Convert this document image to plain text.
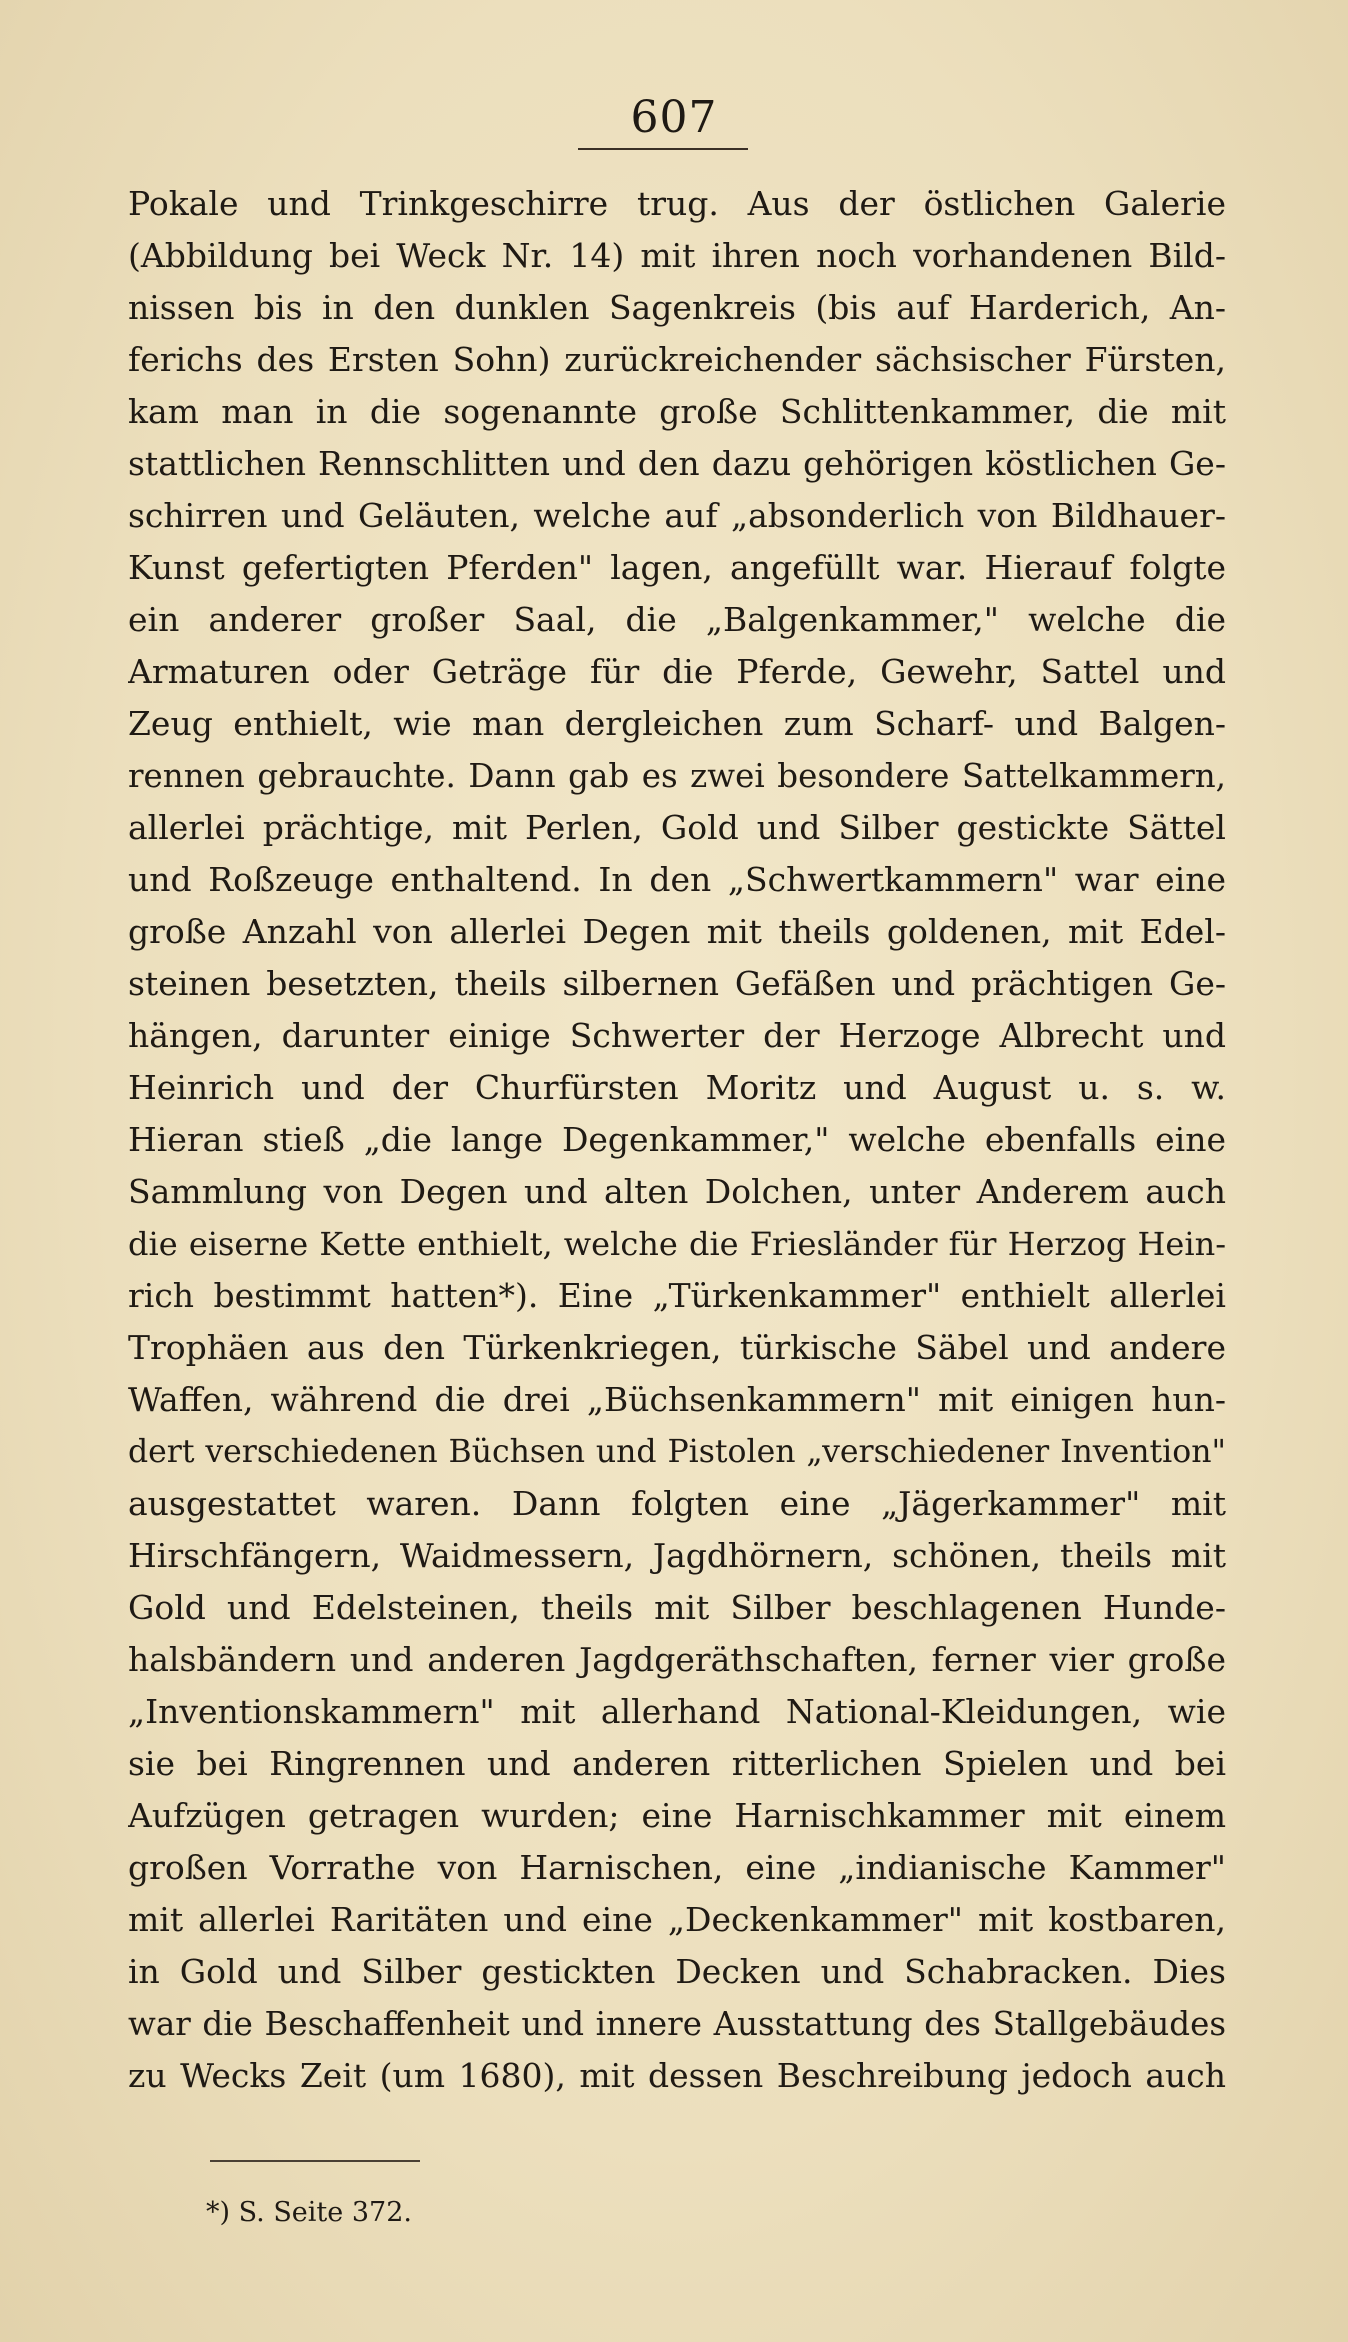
607
Pokale und Trinkgeschirre trug. Aus der östlichen Galerie
(Abbildung bei Weck Nr. 14) mit ihren noch vorhandenen Bild-
nissen bis in den dunklen Sagenkreis (bis auf Harderich, An-
ferichs des Ersten Sohn) zurückreichender sächsischer Fürsten,
kam man in die sogenannte große Schlittenkammer, die mit
stattlichen Rennschlitten und den dazu gehörigen köstlichen Ge-
schirren und Geläuten, welche auf „absonderlich von Bildhauer-
Kunst gefertigten Pferden" lagen, angefüllt war. Hierauf folgte
ein anderer großer Saal, die „Balgenkammer," welche die
Armaturen oder Geträge für die Pferde, Gewehr, Sattel und
Zeug enthielt, wie man dergleichen zum Scharf- und Balgen-
rennen gebrauchte. Dann gab es zwei besondere Sattelkammern,
allerlei prächtige, mit Perlen, Gold und Silber gestickte Sättel
und Roßzeuge enthaltend. In den „Schwertkammern" war eine
große Anzahl von allerlei Degen mit theils goldenen, mit Edel-
steinen besetzten, theils silbernen Gefäßen und prächtigen Ge-
hängen, darunter einige Schwerter der Herzoge Albrecht und
Heinrich und der Churfürsten Moritz und August u. s. w.
Hieran stieß „die lange Degenkammer," welche ebenfalls eine
Sammlung von Degen und alten Dolchen, unter Anderem auch
die eiserne Kette enthielt, welche die Friesländer für Herzog Hein-
rich bestimmt hatten*). Eine „Türkenkammer" enthielt allerlei
Trophäen aus den Türkenkriegen, türkische Säbel und andere
Waffen, während die drei „Büchsenkammern" mit einigen hun-
dert verschiedenen Büchsen und Pistolen „verschiedener Invention"
ausgestattet waren. Dann folgten eine „Jägerkammer" mit
Hirschfängern, Waidmessern, Jagdhörnern, schönen, theils mit
Gold und Edelsteinen, theils mit Silber beschlagenen Hunde-
halsbändern und anderen Jagdgeräthschaften, ferner vier große
„Inventionskammern" mit allerhand National-Kleidungen, wie
sie bei Ringrennen und anderen ritterlichen Spielen und bei
Aufzügen getragen wurden; eine Harnischkammer mit einem
großen Vorrathe von Harnischen, eine „indianische Kammer"
mit allerlei Raritäten und eine „Deckenkammer" mit kostbaren,
in Gold und Silber gestickten Decken und Schabracken. Dies
war die Beschaffenheit und innere Ausstattung des Stallgebäudes
zu Wecks Zeit (um 1680), mit dessen Beschreibung jedoch auch
*) S. Seite 372.
